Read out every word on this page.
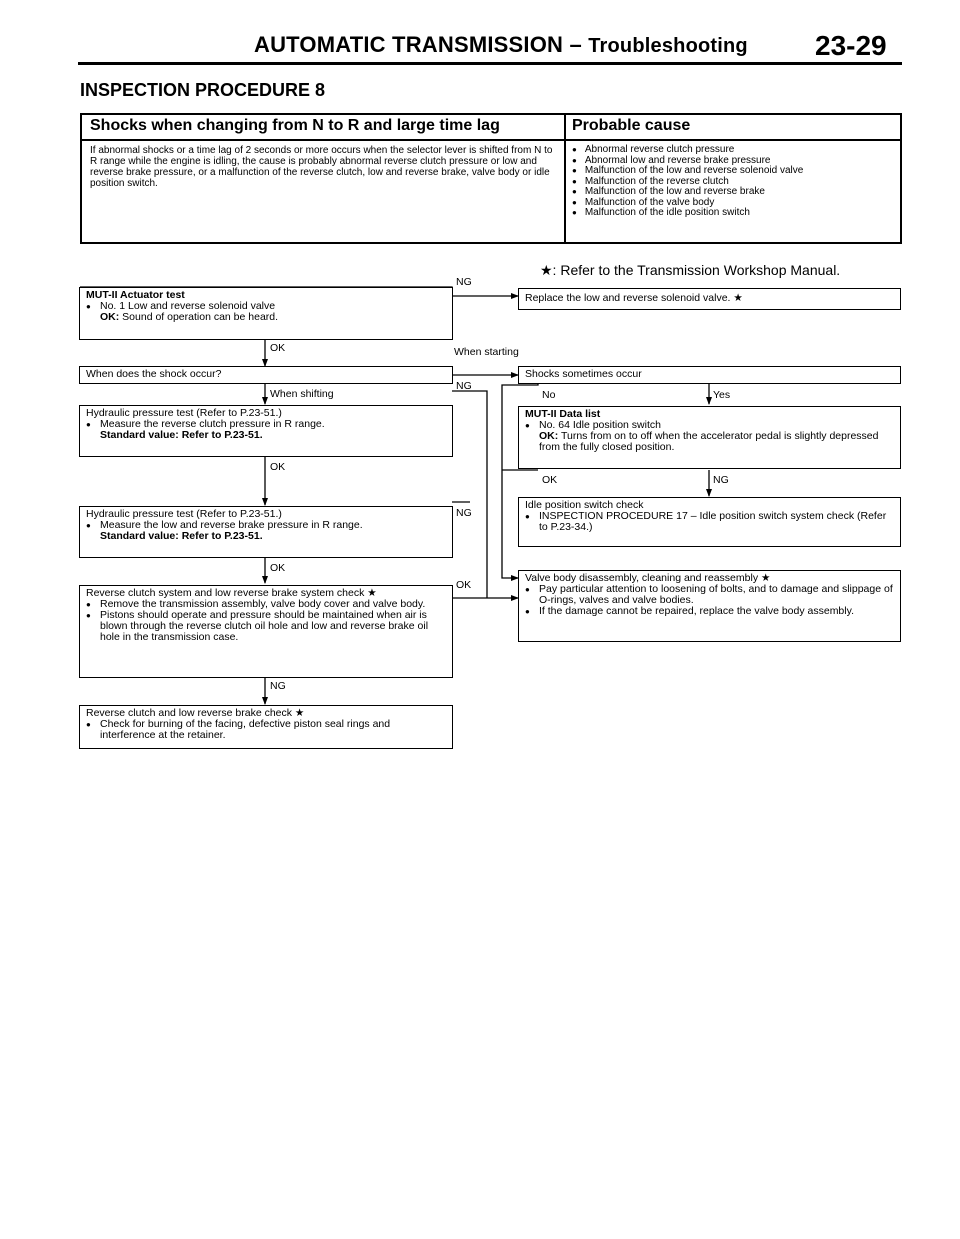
AUTOMATIC TRANSMISSION – Troubleshooting 23-29
INSPECTION PROCEDURE 8
Shocks when changing from N to R and large time lag	Probable cause
If abnormal shocks or a time lag of 2 seconds or more occurs when the selector lever is shifted from N to R range while the engine is idling, the cause is probably abnormal reverse clutch pressure or low and reverse brake pressure, or a malfunction of the reverse clutch, low and reverse brake, valve body or idle position switch.
● Abnormal reverse clutch pressure
● Abnormal low and reverse brake pressure
● Malfunction of the low and reverse solenoid valve
● Malfunction of the reverse clutch
● Malfunction of the low and reverse brake
● Malfunction of the valve body
● Malfunction of the idle position switch
★: Refer to the Transmission Workshop Manual.
MUT-II Actuator test
● No. 1 Low and reverse solenoid valve
OK: Sound of operation can be heard.
Replace the low and reverse solenoid valve. ★
When does the shock occur?	Shocks sometimes occur
Hydraulic pressure test (Refer to P.23-51.)
● Measure the reverse clutch pressure in R range.
Standard value: Refer to P.23-51.
MUT-II Data list
● No. 64 Idle position switch
OK: Turns from on to off when the accelerator pedal is slightly depressed from the fully closed position.
Idle position switch check
● INSPECTION PROCEDURE 17 – Idle position switch system check (Refer to P.23-34.)
Hydraulic pressure test (Refer to P.23-51.)
● Measure the low and reverse brake pressure in R range.
Standard value: Refer to P.23-51.
Valve body disassembly, cleaning and reassembly ★
● Pay particular attention to loosening of bolts, and to damage and slippage of O-rings, valves and valve bodies.
● If the damage cannot be repaired, replace the valve body assembly.
Reverse clutch system and low reverse brake system check ★
● Remove the transmission assembly, valve body cover and valve body.
● Pistons should operate and pressure should be maintained when air is blown through the reverse clutch oil hole and low and reverse brake oil hole in the transmission case.
Reverse clutch and low reverse brake check ★
● Check for burning of the facing, defective piston seal rings and interference at the retainer.
NG
OK	When starting
When shifting
NG
OK
NG
OK
OK
NG
No	Yes
OK	NG
